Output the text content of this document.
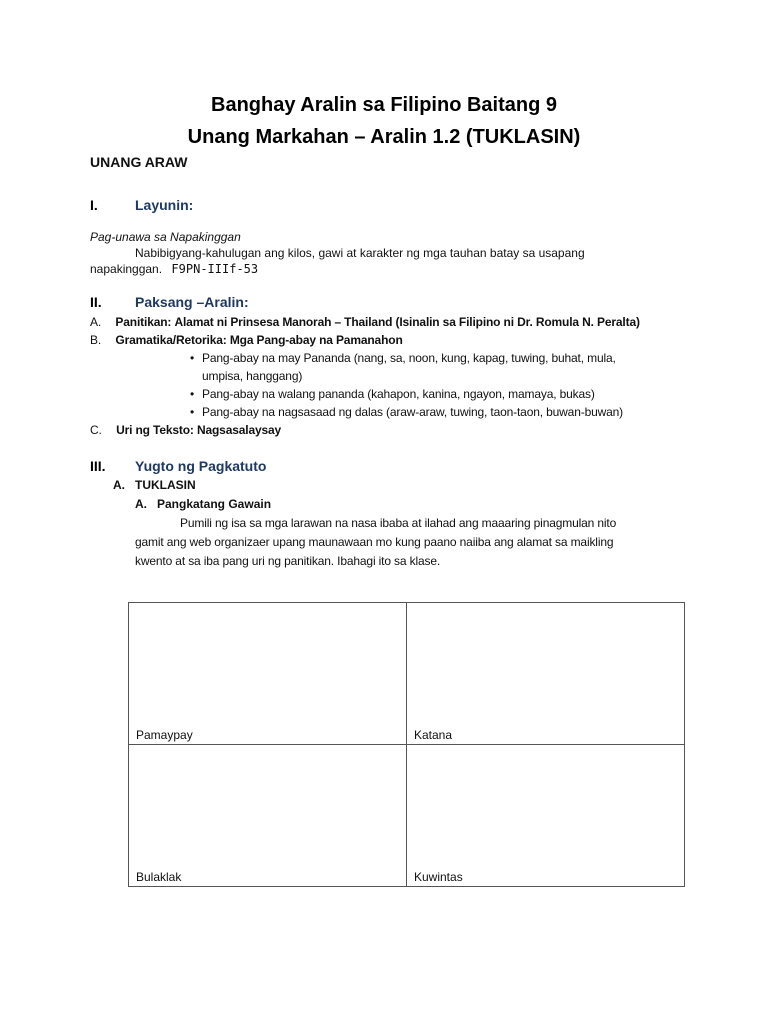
Banghay Aralin sa Filipino Baitang 9
Unang Markahan – Aralin 1.2 (TUKLASIN)
UNANG ARAW
I.	Layunin:
Pag-unawa sa Napakinggan
Nabibigyang-kahulugan ang kilos, gawi at karakter ng mga tauhan batay sa usapang
napakinggan. F9PN-IIIf-53
II. Paksang –Aralin:
A. Panitikan: Alamat ni Prinsesa Manorah – Thailand (Isinalin sa Filipino ni Dr. Romula N. Peralta)
B. Gramatika/Retorika: Mga Pang-abay na Pamanahon
• Pang-abay na may Pananda (nang, sa, noon, kung, kapag, tuwing, buhat, mula,
umpisa, hanggang)
• Pang-abay na walang pananda (kahapon, kanina, ngayon, mamaya, bukas)
• Pang-abay na nagsasaad ng dalas (araw-araw, tuwing, taon-taon, buwan-buwan)
C. Uri ng Teksto: Nagsasalaysay
III. Yugto ng Pagkatuto
A. TUKLASIN
A. Pangkatang Gawain
Pumili ng isa sa mga larawan na nasa ibaba at ilahad ang maaaring pinagmulan nito
gamit ang web organizaer upang maunawaan mo kung paano naiiba ang alamat sa maikling
kwento at sa iba pang uri ng panitikan. Ibahagi ito sa klase.
Pamaypay	Katana
Bulaklak	Kuwintas
